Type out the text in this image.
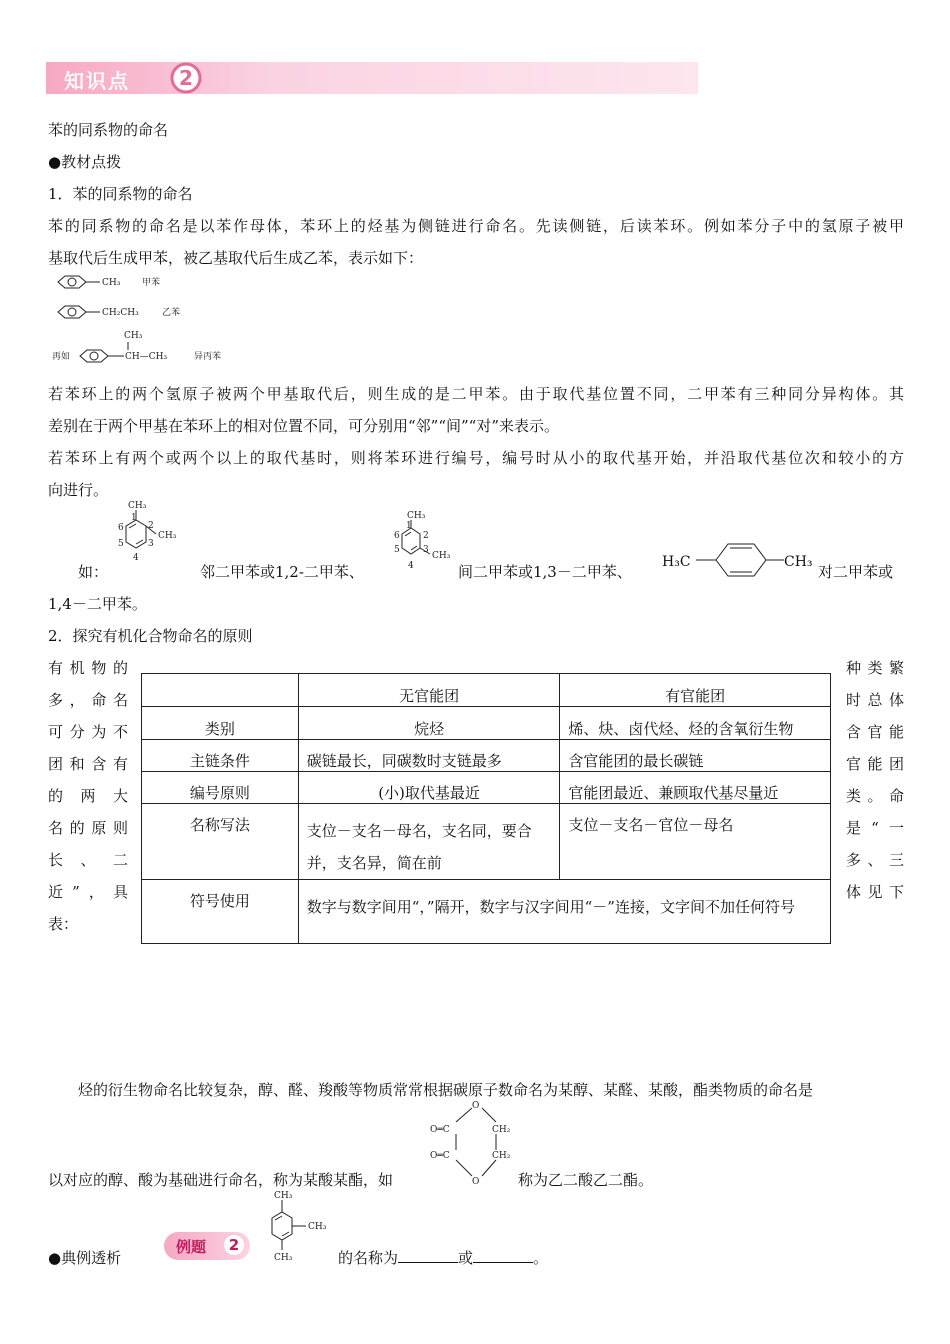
知识点 2
苯的同系物的命名
●教材点拨
1．苯的同系物的命名
苯的同系物的命名是以苯作母体，苯环上的烃基为侧链进行命名。先读侧链，后读苯环。例如苯分子中的氢原子被甲
基取代后生成甲苯，被乙基取代后生成乙苯，表示如下：
CH₃ 甲苯
CH₂CH₃	乙苯
再如
CH₃
CH—CH₃	异丙苯
若苯环上的两个氢原子被两个甲基取代后，则生成的是二甲苯。由于取代基位置不同，二甲苯有三种同分异构体。其
差别在于两个甲基在苯环上的相对位置不同，可分别用“邻”“间”“对”来表示。
若苯环上有两个或两个以上的取代基时，则将苯环进行编号，编号时从小的取代基开始，并沿取代基位次和较小的方
向进行。
如：
CH₃
CH₃
1
2
3
4
5
6
邻二甲苯或1,2-二甲苯、
CH₃
CH₃
1
2
3
4
5
6
间二甲苯或1,3－二甲苯、
H₃C	CH₃
对二甲苯或
1,4－二甲苯。
2．探究有机化合物命名的原则
有机物的
多，命名
可分为不
团和含有
的两大
名的原则
长、二
近”，具
表：
种类繁
时总体
含官能
官能团
类。命
是“一
多、三
体见下
	无官能团	有官能团
类别	烷烃	烯、炔、卤代烃、烃的含氧衍生物
主链条件	碳链最长，同碳数时支链最多	含官能团的最长碳链
编号原则	(小)取代基最近	官能团最近、兼顾取代基尽量近
名称写法	支位－支名－母名，支名同，要合并，支名异，简在前	支位－支名－官位－母名
符号使用	数字与数字间用“，”隔开，数字与汉字间用“－”连接，文字间不加任何符号	
烃的衍生物命名比较复杂，醇、醛、羧酸等物质常常根据碳原子数命名为某醇、某醛、某酸，酯类物质的命名是
以对应的醇、酸为基础进行命名，称为某酸某酯，如
O
O═C
O═C
CH₂
CH₂
O	称为乙二酸乙二酯。
●典例透析
例题	2
CH₃
CH₃
CH₃	的名称为	或	。
